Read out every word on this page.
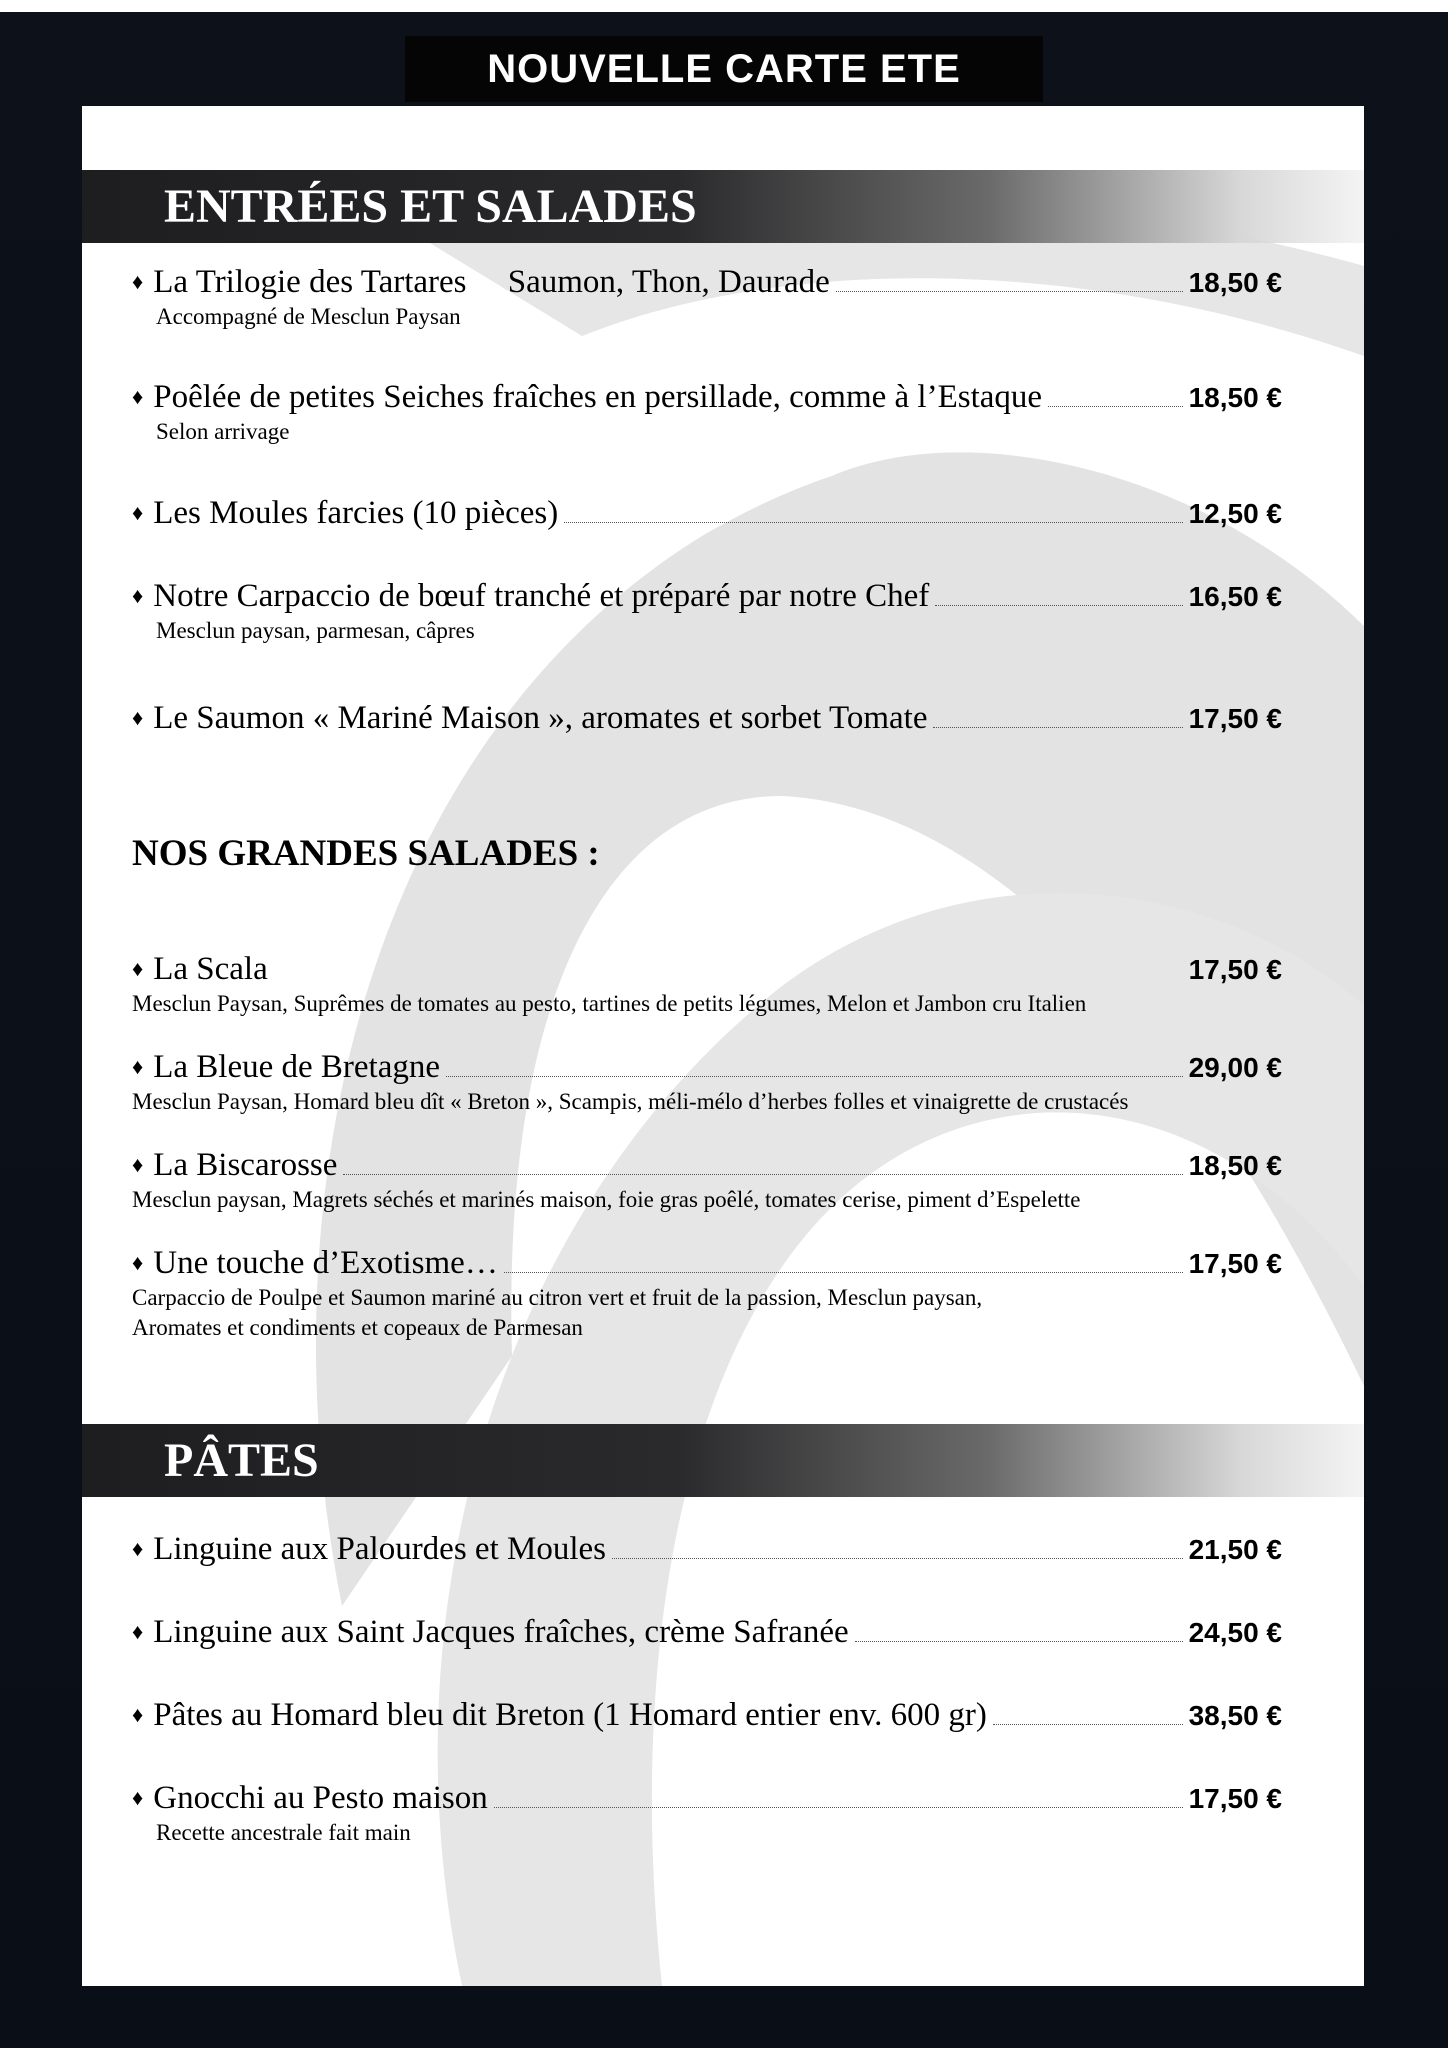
NOUVELLE CARTE ETE
ENTRÉES ET SALADES
♦ La Trilogie des Tartares     Saumon, Thon, Daurade	18,50 €
Accompagné de Mesclun Paysan
♦ Poêlée de petites Seiches fraîches en persillade, comme à l’Estaque	18,50 €
Selon arrivage
♦ Les Moules farcies (10 pièces)	12,50 €
♦ Notre Carpaccio de bœuf tranché et préparé par notre Chef	16,50 €
Mesclun paysan, parmesan, câpres
♦ Le Saumon « Mariné Maison », aromates et sorbet Tomate	17,50 €
NOS GRANDES SALADES :
♦ La Scala	17,50 €
Mesclun Paysan, Suprêmes de tomates au pesto, tartines de petits légumes, Melon et Jambon cru Italien
♦ La Bleue de Bretagne	29,00 €
Mesclun Paysan, Homard bleu dît « Breton », Scampis, méli-mélo d’herbes folles et vinaigrette de crustacés
♦ La Biscarosse	18,50 €
Mesclun paysan, Magrets séchés et marinés maison, foie gras poêlé, tomates cerise, piment d’Espelette
♦ Une touche d’Exotisme…	17,50 €
Carpaccio de Poulpe et Saumon mariné au citron vert et fruit de la passion, Mesclun paysan,
Aromates et condiments et copeaux de Parmesan
PÂTES
♦ Linguine aux Palourdes et Moules	21,50 €
♦ Linguine aux Saint Jacques fraîches, crème Safranée	24,50 €
♦ Pâtes au Homard bleu dit Breton (1 Homard entier env. 600 gr)	38,50 €
♦ Gnocchi au Pesto maison	17,50 €
Recette ancestrale fait main
